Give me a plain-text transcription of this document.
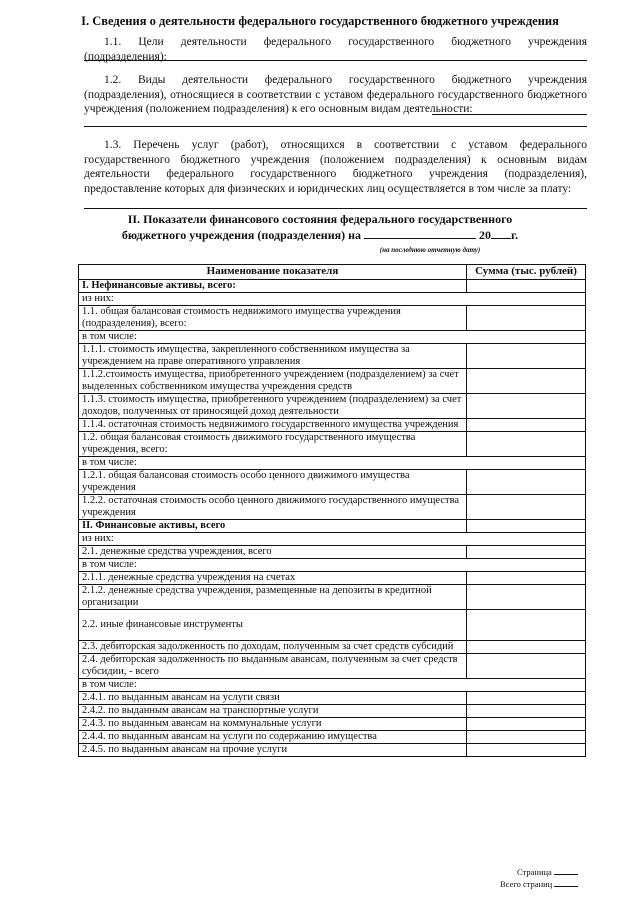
I. Сведения о деятельности федерального государственного бюджетного учреждения
1.1. Цели деятельности федерального государственного бюджетного учреждения (подразделения):
1.2. Виды деятельности федерального государственного бюджетного учреждения (подразделения), относящиеся в соответствии с уставом федерального государственного бюджетного учреждения (положением подразделения) к его основным видам деятельности:
1.3. Перечень услуг (работ), относящихся в соответствии с уставом федерального государственного бюджетного учреждения (положением подразделения) к основным видам деятельности федерального государственного бюджетного учреждения (подразделения), предоставление которых для физических и юридических лиц осуществляется в том числе за плату:
II. Показатели финансового состояния федерального государственного
бюджетного учреждения (подразделения) на	20 г.
(на последнюю отчетную дату)
Наименование показателя	Сумма (тыс. рублей)
I. Нефинансовые активы, всего:	
из них:	
1.1. общая балансовая стоимость недвижимого имущества учреждения (подразделения), всего:	
в том числе:	
1.1.1. стоимость имущества, закрепленного собственником имущества за учреждением на праве оперативного управления	
1.1.2.стоимость имущества, приобретенного учреждением (подразделением) за счет выделенных собственником имущества учреждения средств	
1.1.3. стоимость имущества, приобретенного учреждением (подразделением) за счет доходов, полученных от приносящей доход деятельности	
1.1.4. остаточная стоимость недвижимого государственного имущества учреждения	
1.2. общая балансовая стоимость движимого государственного имущества учреждения, всего:	
в том числе:	
1.2.1. общая балансовая стоимость особо ценного движимого имущества учреждения	
1.2.2. остаточная стоимость особо ценного движимого государственного имущества учреждения	
II. Финансовые активы, всего	
из них:	
2.1. денежные средства учреждения, всего	
в том числе:	
2.1.1. денежные средства учреждения на счетах	
2.1.2. денежные средства учреждения, размещенные на депозиты в кредитной организации	
2.2. иные финансовые инструменты	
2.3. дебиторская задолженность по доходам, полученным за счет средств субсидий	
2.4. дебиторская задолженность по выданным авансам, полученным за счет средств субсидии, - всего	
в том числе:	
2.4.1. по выданным авансам на услуги связи	
2.4.2. по выданным авансам на транспортные услуги	
2.4.3. по выданным авансам на коммунальные услуги	
2.4.4. по выданным авансам на услуги по содержанию имущества	
2.4.5. по выданным авансам на прочие услуги	
Страница
Всего страниц
